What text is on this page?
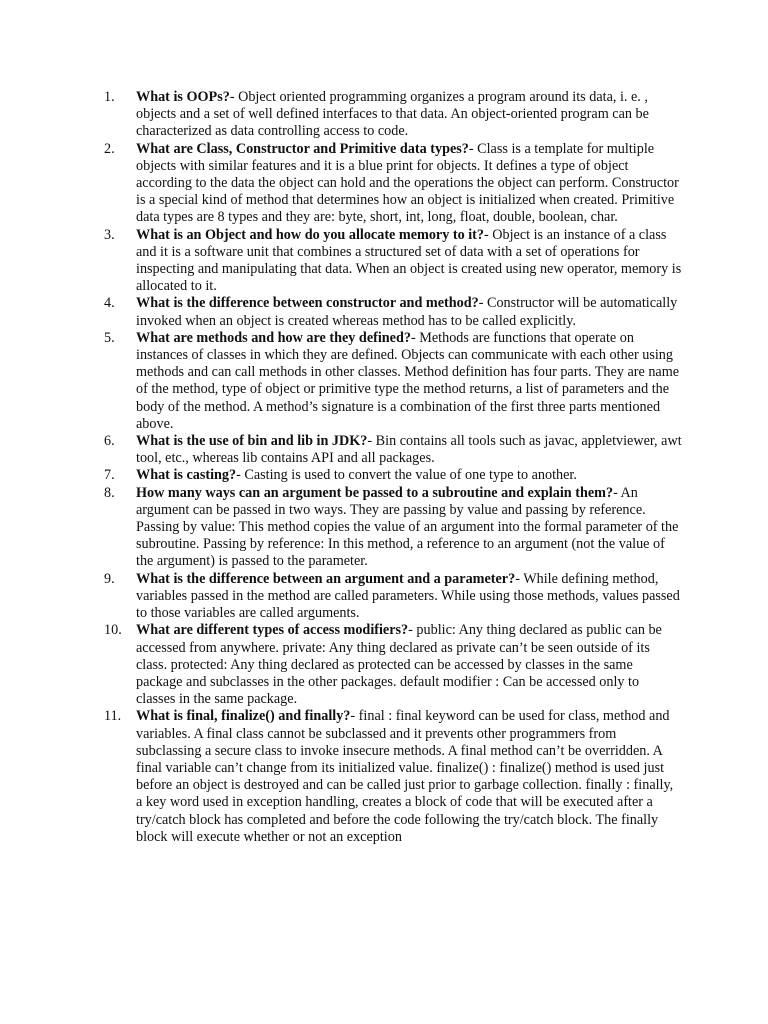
1.	What is OOPs?- Object oriented programming organizes a program around its data, i. e. , objects and a set of well defined interfaces to that data. An object-oriented program can be characterized as data controlling access to code.
2.	What are Class, Constructor and Primitive data types?- Class is a template for multiple objects with similar features and it is a blue print for objects. It defines a type of object according to the data the object can hold and the operations the object can perform. Constructor is a special kind of method that determines how an object is initialized when created. Primitive data types are 8 types and they are: byte, short, int, long, float, double, boolean, char.
3.	What is an Object and how do you allocate memory to it?- Object is an instance of a class and it is a software unit that combines a structured set of data with a set of operations for inspecting and manipulating that data. When an object is created using new operator, memory is allocated to it.
4.	What is the difference between constructor and method?- Constructor will be automatically invoked when an object is created whereas method has to be called explicitly.
5.	What are methods and how are they defined?- Methods are functions that operate on instances of classes in which they are defined. Objects can communicate with each other using methods and can call methods in other classes. Method definition has four parts. They are name of the method, type of object or primitive type the method returns, a list of parameters and the body of the method. A method’s signature is a combination of the first three parts mentioned above.
6.	What is the use of bin and lib in JDK?- Bin contains all tools such as javac, appletviewer, awt tool, etc., whereas lib contains API and all packages.
7.	What is casting?- Casting is used to convert the value of one type to another.
8.	How many ways can an argument be passed to a subroutine and explain them?- An argument can be passed in two ways. They are passing by value and passing by reference. Passing by value: This method copies the value of an argument into the formal parameter of the subroutine. Passing by reference: In this method, a reference to an argument (not the value of the argument) is passed to the parameter.
9.	What is the difference between an argument and a parameter?- While defining method, variables passed in the method are called parameters. While using those methods, values passed to those variables are called arguments.
10.	What are different types of access modifiers?- public: Any thing declared as public can be accessed from anywhere. private: Any thing declared as private can’t be seen outside of its class. protected: Any thing declared as protected can be accessed by classes in the same package and subclasses in the other packages. default modifier : Can be accessed only to classes in the same package.
11.	What is final, finalize() and finally?- final : final keyword can be used for class, method and variables. A final class cannot be subclassed and it prevents other programmers from subclassing a secure class to invoke insecure methods. A final method can’t be overridden. A final variable can’t change from its initialized value. finalize() : finalize() method is used just before an object is destroyed and can be called just prior to garbage collection. finally : finally, a key word used in exception handling, creates a block of code that will be executed after a try/catch block has completed and before the code following the try/catch block. The finally block will execute whether or not an exception
